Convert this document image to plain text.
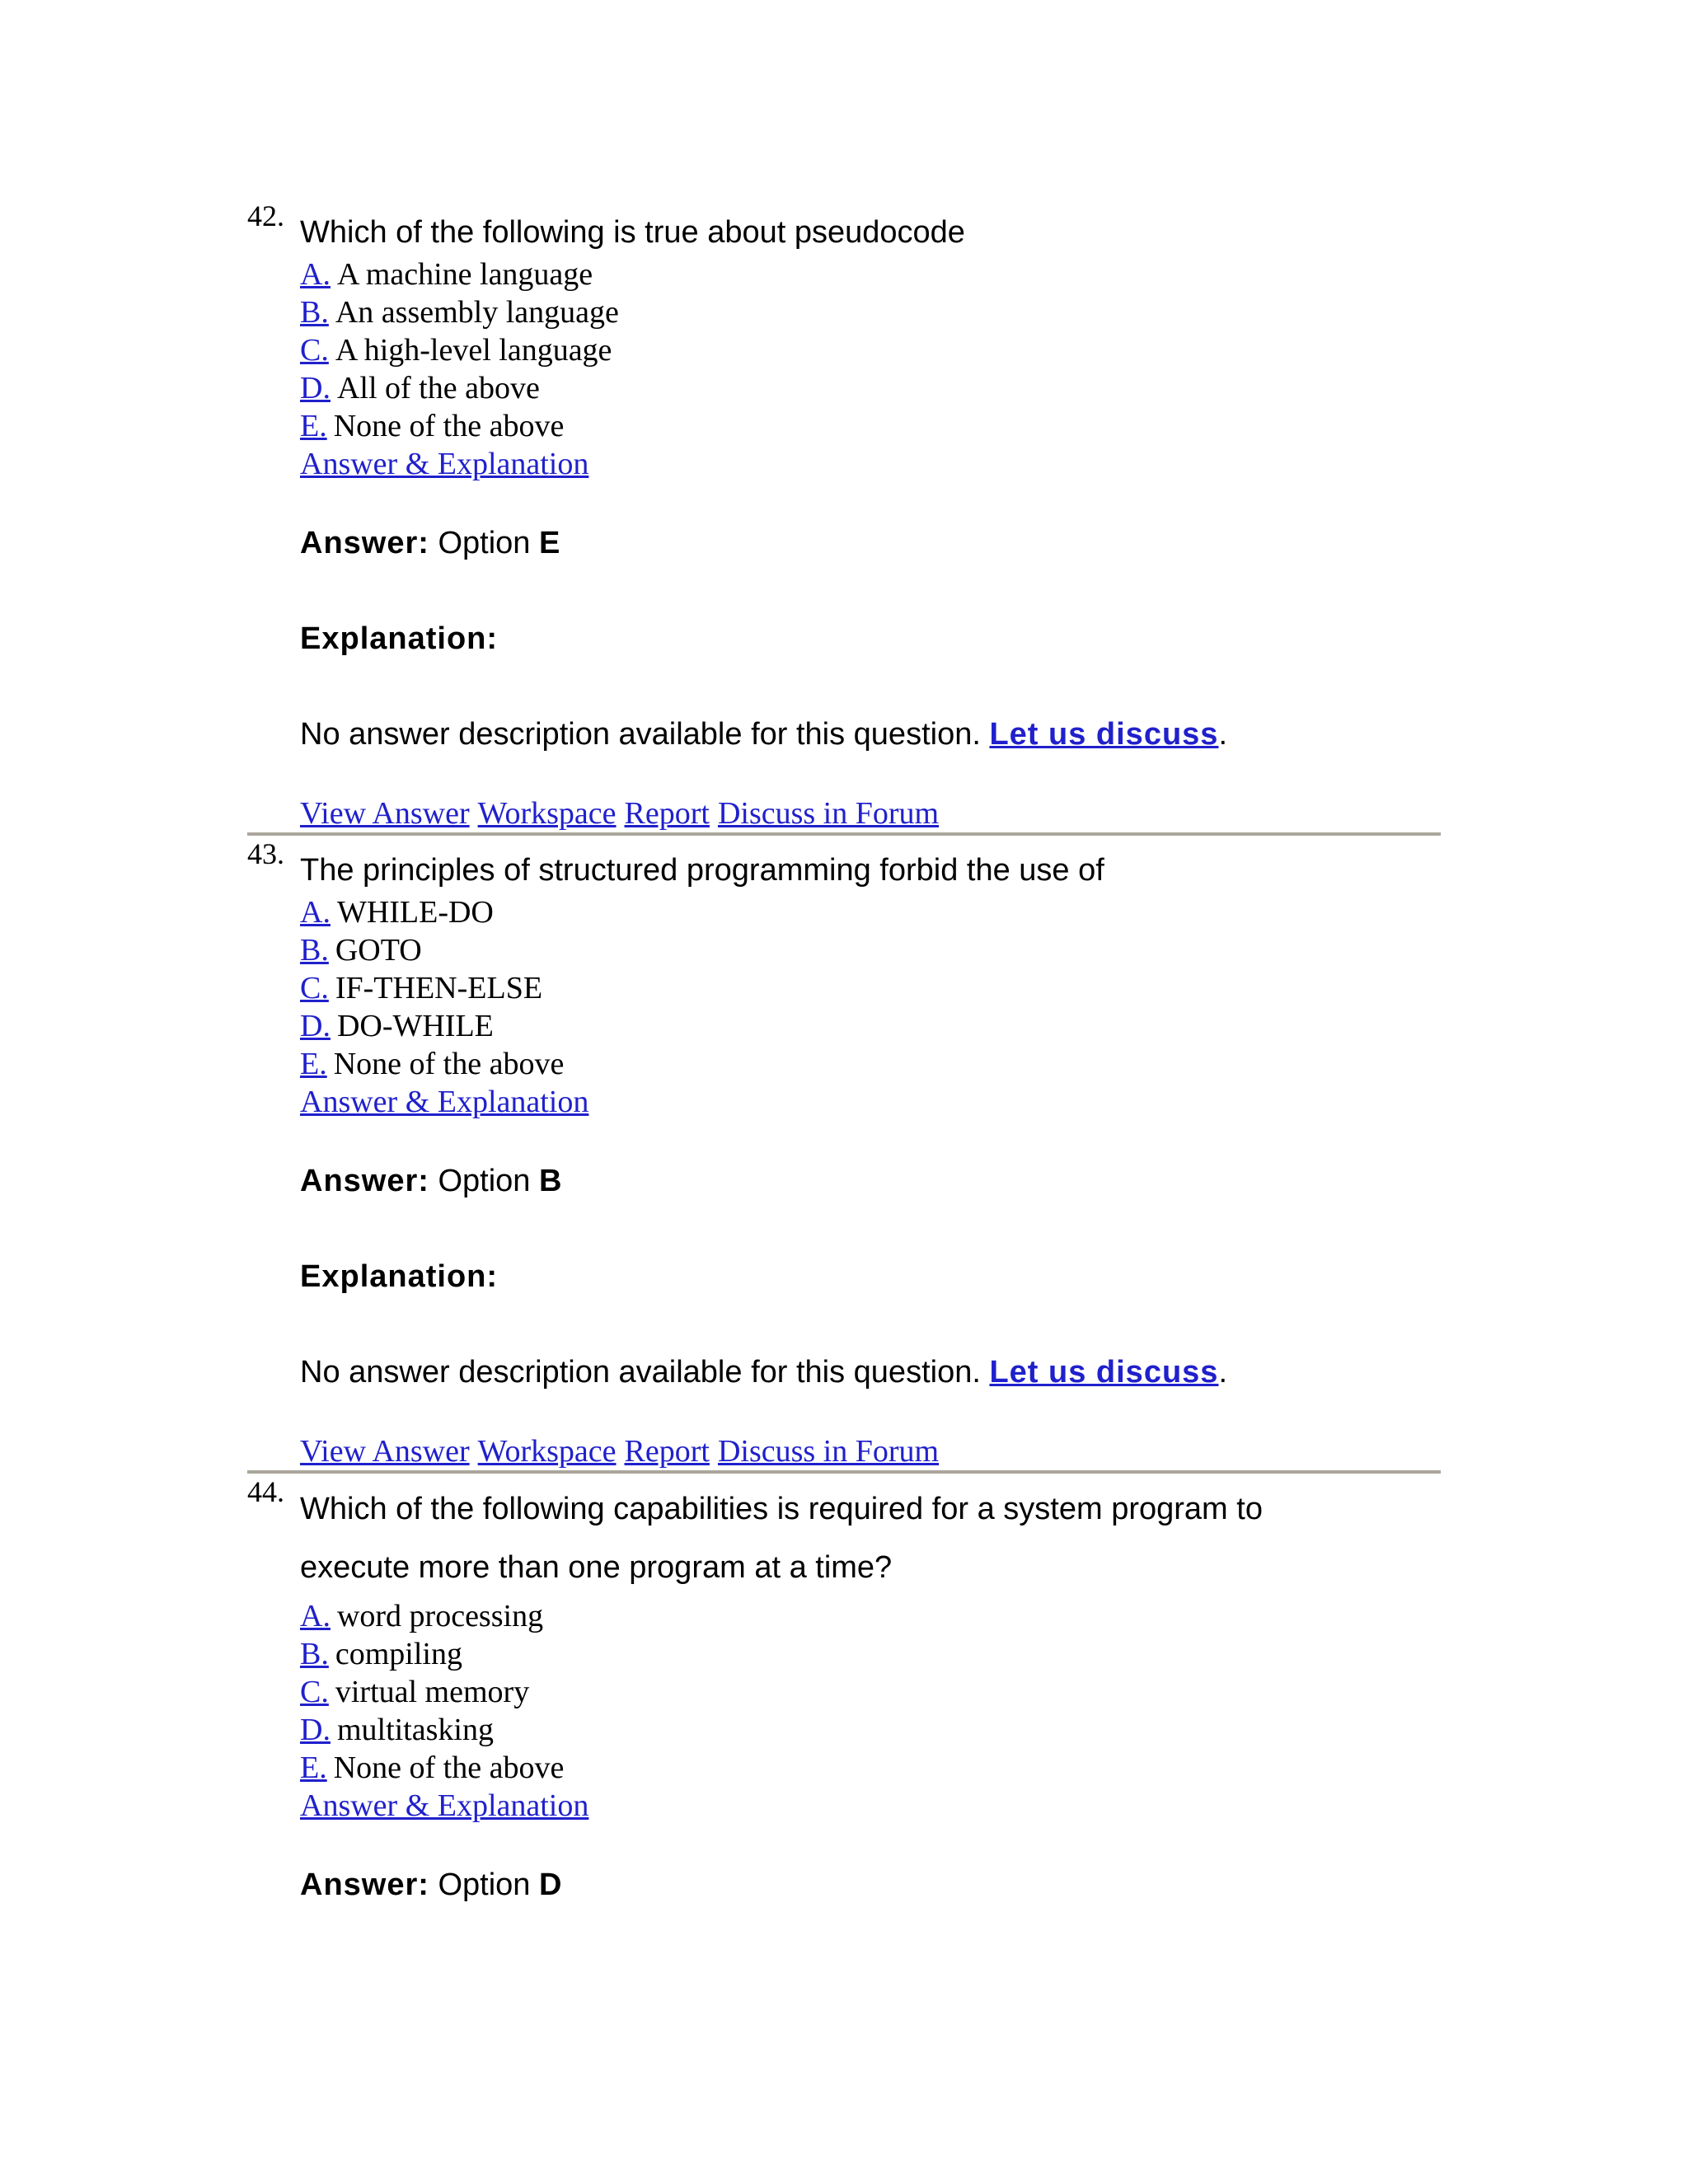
42. Which of the following is true about pseudocode

A. A machine language
B. An assembly language
C. A high-level language
D. All of the above
E. None of the above
Answer & Explanation

Answer: Option E

Explanation:

No answer description available for this question. Let us discuss.

View Answer Workspace Report Discuss in Forum
43. The principles of structured programming forbid the use of

A. WHILE-DO
B. GOTO
C. IF-THEN-ELSE
D. DO-WHILE
E. None of the above
Answer & Explanation

Answer: Option B

Explanation:

No answer description available for this question. Let us discuss.

View Answer Workspace Report Discuss in Forum
44. Which of the following capabilities is required for a system program to execute more than one program at a time?

A. word processing
B. compiling
C. virtual memory
D. multitasking
E. None of the above
Answer & Explanation

Answer: Option D
